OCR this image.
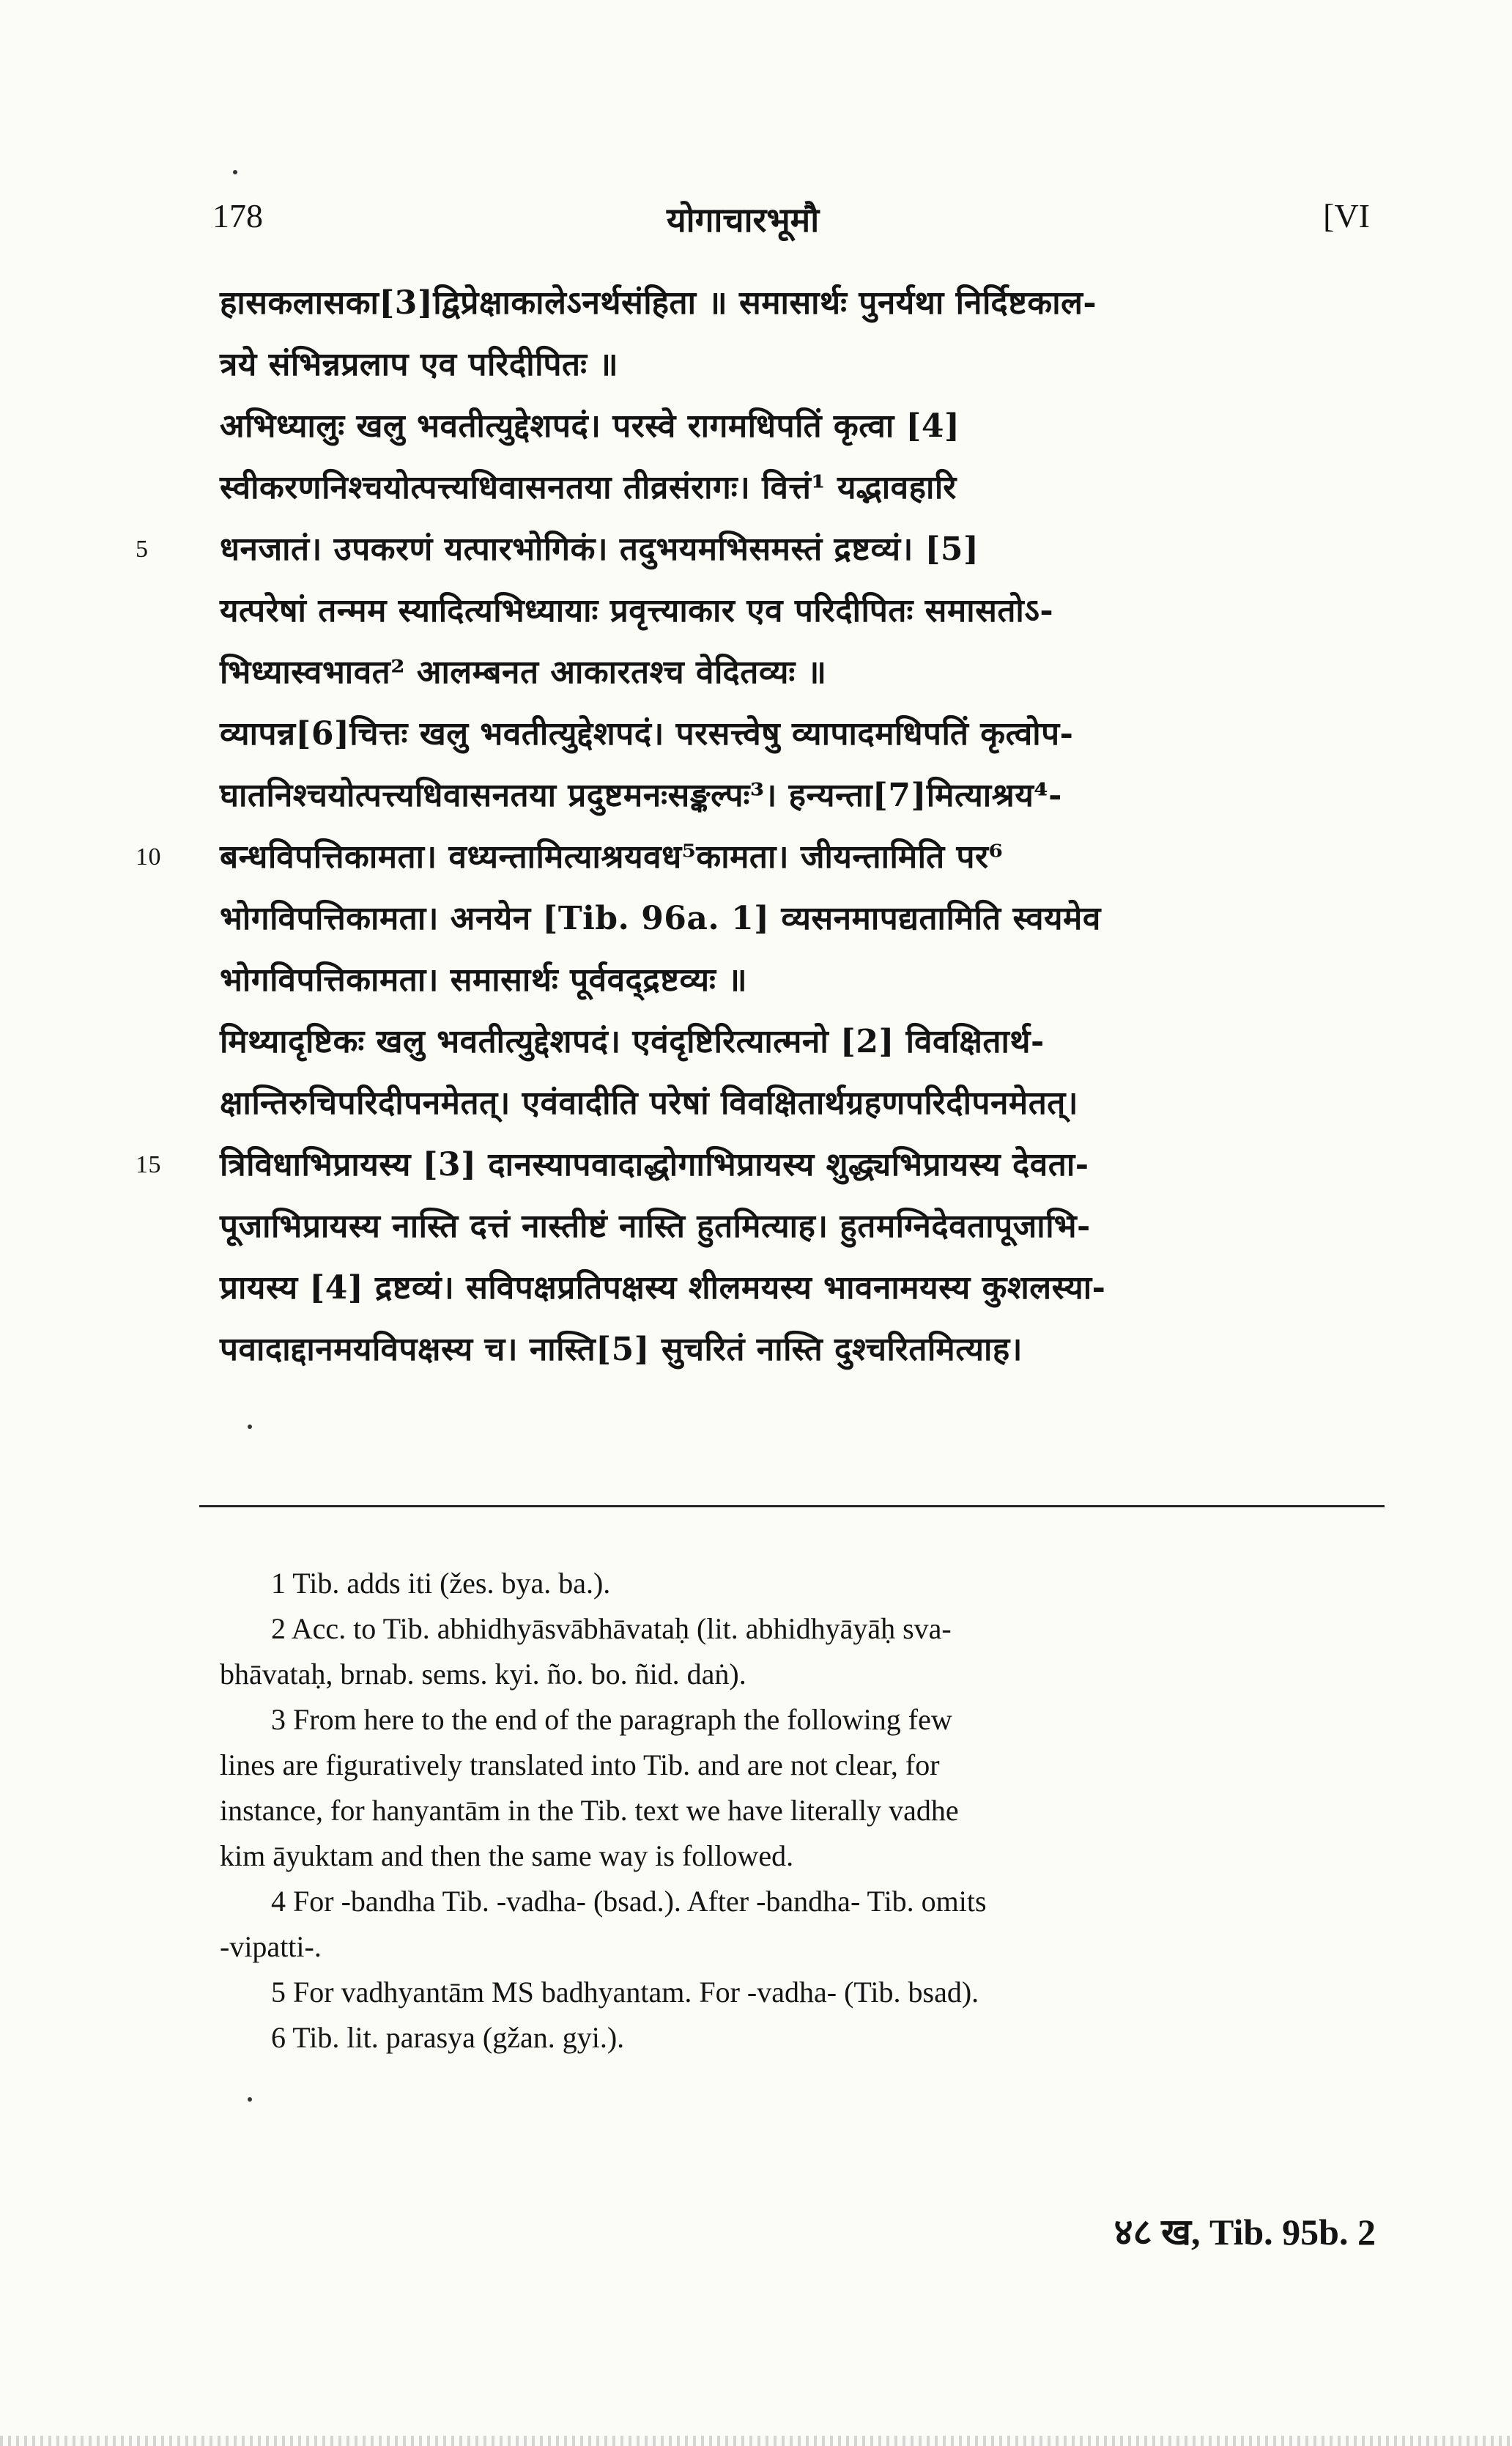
178	योगाचारभूमौ	[VI
हासकलासका[3]द्विप्रेक्षाकालेऽनर्थसंहिता ॥ समासार्थः पुनर्यथा निर्दिष्टकाल-
त्रये संभिन्नप्रलाप एव परिदीपितः ॥
अभिध्यालुः खलु भवतीत्युद्देशपदं। परस्वे रागमधिपतिं कृत्वा [4]
स्वीकरणनिश्चयोत्पत्त्यधिवासनतया तीव्रसंरागः। वित्तं¹ यद्भावहारि
5 धनजातं। उपकरणं यत्पारभोगिकं। तदुभयमभिसमस्तं द्रष्टव्यं। [5]
यत्परेषां तन्मम स्यादित्यभिध्यायाः प्रवृत्त्याकार एव परिदीपितः समासतोऽ-
भिध्यास्वभावत² आलम्बनत आकारतश्च वेदितव्यः ॥
व्यापन्न[6]चित्तः खलु भवतीत्युद्देशपदं। परसत्त्वेषु व्यापादमधिपतिं कृत्वोप-
घातनिश्चयोत्पत्त्यधिवासनतया प्रदुष्टमनःसङ्कल्पः³। हन्यन्ता[7]मित्याश्रय⁴-
10 बन्धविपत्तिकामता। वध्यन्तामित्याश्रयवध⁵कामता। जीयन्तामिति पर⁶
भोगविपत्तिकामता। अनयेन [Tib. 96a. 1] व्यसनमापद्यतामिति स्वयमेव
भोगविपत्तिकामता। समासार्थः पूर्ववद्द्रष्टव्यः ॥
मिथ्यादृष्टिकः खलु भवतीत्युद्देशपदं। एवंदृष्टिरित्यात्मनो [2] विवक्षितार्थ-
क्षान्तिरुचिपरिदीपनमेतत्। एवंवादीति परेषां विवक्षितार्थग्रहणपरिदीपनमेतत्।
15 त्रिविधाभिप्रायस्य [3] दानस्यापवादाद्धोगाभिप्रायस्य शुद्ध्यभिप्रायस्य देवता-
पूजाभिप्रायस्य नास्ति दत्तं नास्तीष्टं नास्ति हुतमित्याह। हुतमग्निदेवतापूजाभि-
प्रायस्य [4] द्रष्टव्यं। सविपक्षप्रतिपक्षस्य शीलमयस्य भावनामयस्य कुशलस्या-
पवादाद्दानमयविपक्षस्य च। नास्ति[5] सुचरितं नास्ति दुश्चरितमित्याह।
1 Tib. adds iti (žes. bya. ba.).
2 Acc. to Tib. abhidhyāsvābhāvataḥ (lit. abhidhyāyāḥ sva-
bhāvataḥ, brnab. sems. kyi. ño. bo. ñid. daṅ).
3 From here to the end of the paragraph the following few
lines are figuratively translated into Tib. and are not clear, for
instance, for hanyantām in the Tib. text we have literally vadhe
kim āyuktam and then the same way is followed.
4 For -bandha Tib. -vadha- (bsad.). After -bandha- Tib. omits
-vipatti-.
5 For vadhyantām MS badhyantam. For -vadha- (Tib. bsad).
6 Tib. lit. parasya (gžan. gyi.).
४८ ख, Tib. 95b. 2
